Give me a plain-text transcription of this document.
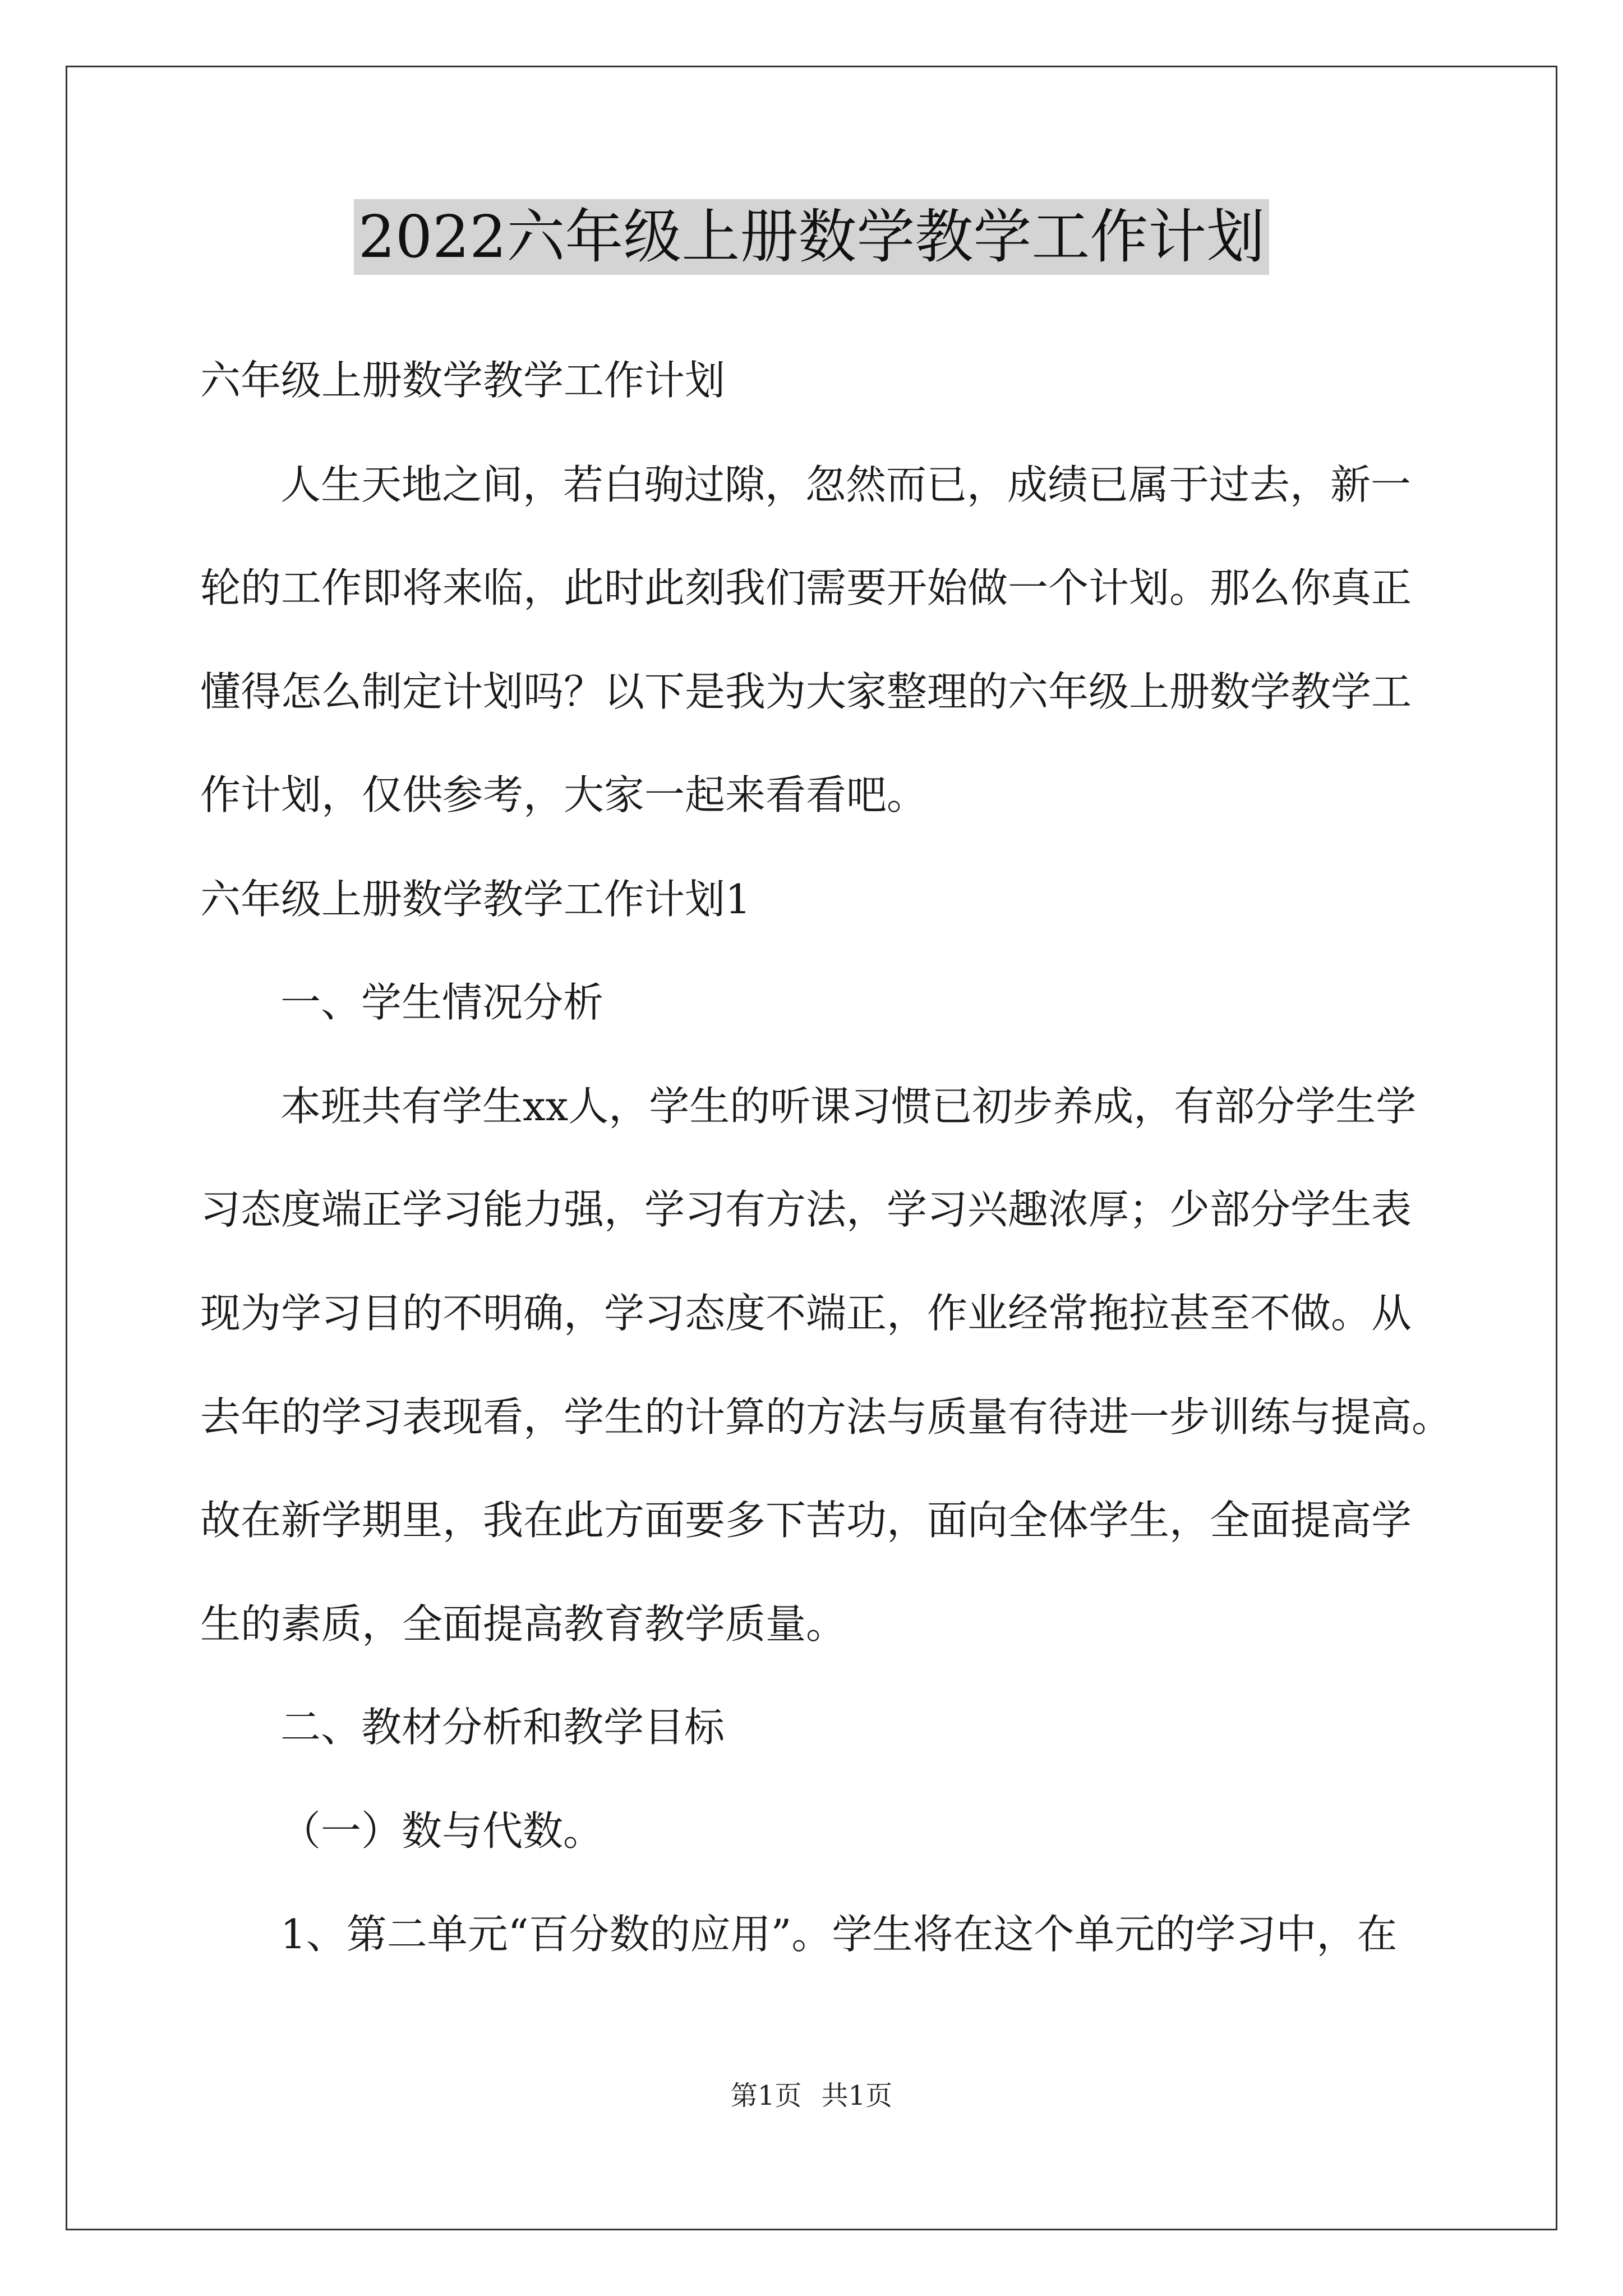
2022六年级上册数学教学工作计划
六年级上册数学教学工作计划
人生天地之间，若白驹过隙，忽然而已，成绩已属于过去，新一
轮的工作即将来临，此时此刻我们需要开始做一个计划。那么你真正
懂得怎么制定计划吗？以下是我为大家整理的六年级上册数学教学工
作计划，仅供参考，大家一起来看看吧。
六年级上册数学教学工作计划1
一、学生情况分析
本班共有学生xx人，学生的听课习惯已初步养成，有部分学生学
习态度端正学习能力强，学习有方法，学习兴趣浓厚；少部分学生表
现为学习目的不明确，学习态度不端正，作业经常拖拉甚至不做。从
去年的学习表现看，学生的计算的方法与质量有待进一步训练与提高。
故在新学期里，我在此方面要多下苦功，面向全体学生，全面提高学
生的素质，全面提高教育教学质量。
二、教材分析和教学目标
（一）数与代数。
1、第二单元“百分数的应用”。学生将在这个单元的学习中，在
第1页 共1页
